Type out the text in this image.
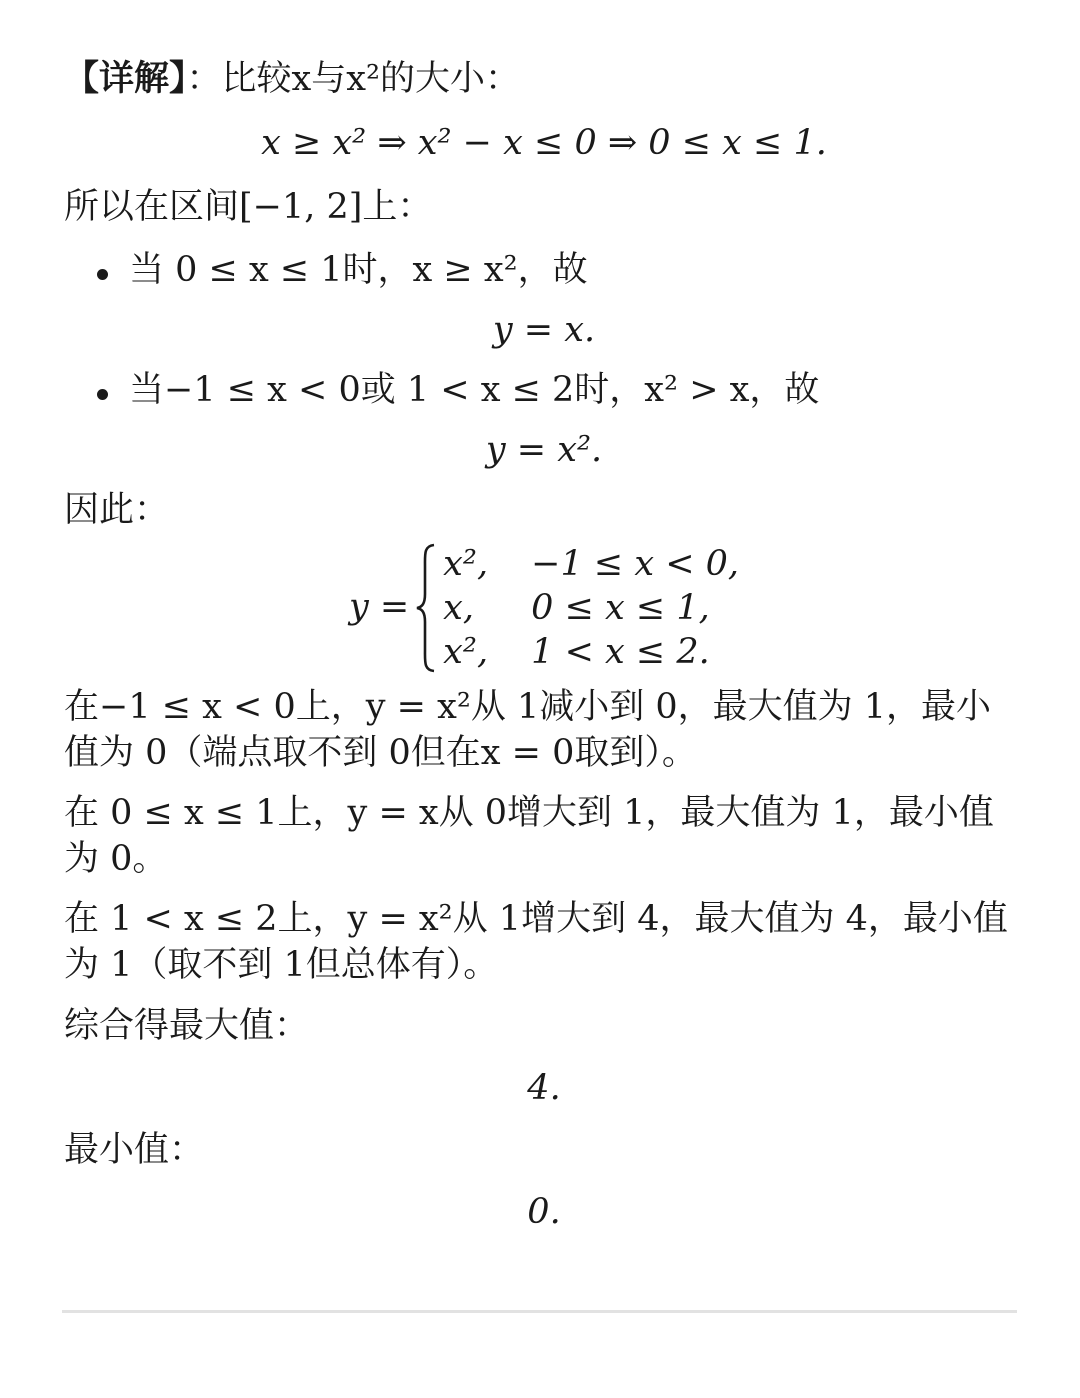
【详解】：比较x与x²的大小：

x ≥ x² ⇒ x² − x ≤ 0 ⇒ 0 ≤ x ≤ 1.

所以在区间[−1, 2]上：

当 0 ≤ x ≤ 1时，x ≥ x²，故

y = x.

当−1 ≤ x < 0或 1 < x ≤ 2时，x² > x，故

y = x².

因此：

y =
x²,	−1 ≤ x < 0,
x,	0 ≤ x ≤ 1,
x²,	1 < x ≤ 2.

在−1 ≤ x < 0上，y = x²从 1减小到 0，最大值为 1，最小值为 0（端点取不到 0但在x = 0取到）。

在 0 ≤ x ≤ 1上，y = x从 0增大到 1，最大值为 1，最小值为 0。

在 1 < x ≤ 2上，y = x²从 1增大到 4，最大值为 4，最小值为 1（取不到 1但总体有）。

综合得最大值：

4.

最小值：

0.
